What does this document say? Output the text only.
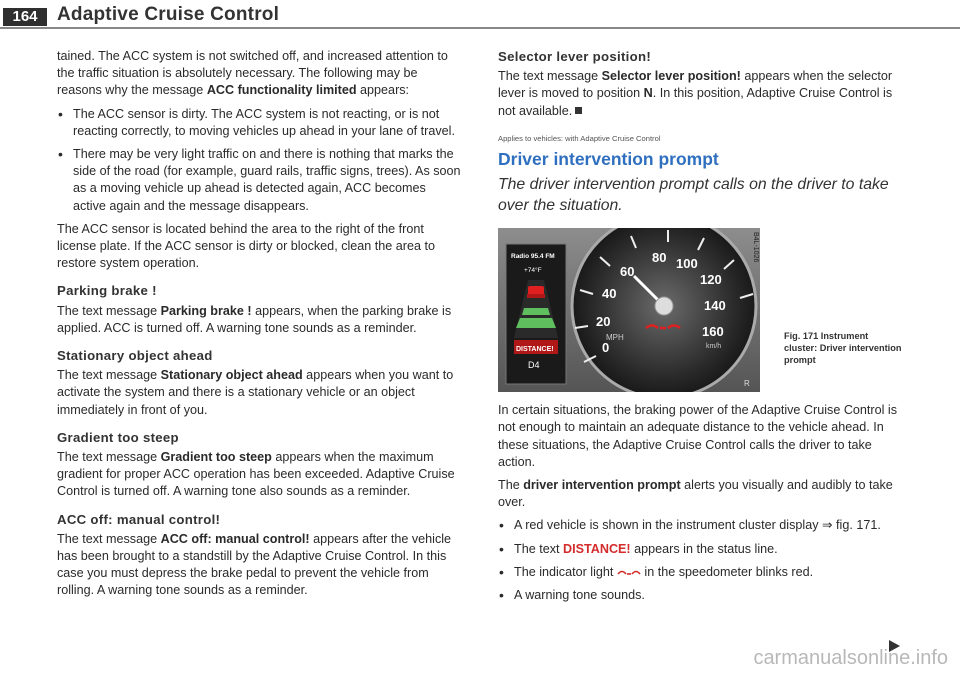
164	Adaptive Cruise Control

tained. The ACC system is not switched off, and increased attention to the traffic situation is absolutely necessary. The following may be reasons why the message ACC functionality limited appears:

• The ACC sensor is dirty. The ACC system is not reacting, or is not reacting correctly, to moving vehicles up ahead in your lane of travel.
• There may be very light traffic on and there is nothing that marks the side of the road (for example, guard rails, traffic signs, trees). As soon as a moving vehicle up ahead is detected again, ACC becomes active again and the message disappears.

The ACC sensor is located behind the area to the right of the front license plate. If the ACC sensor is dirty or blocked, clean the area to restore system operation.

Parking brake !

The text message Parking brake ! appears, when the parking brake is applied. ACC is turned off. A warning tone sounds as a reminder.

Stationary object ahead

The text message Stationary object ahead appears when you want to activate the system and there is a stationary vehicle or an object immediately in front of you.

Gradient too steep

The text message Gradient too steep appears when the maximum gradient for proper ACC operation has been exceeded. Adaptive Cruise Control is turned off. A warning tone also sounds as a reminder.

ACC off: manual control!

The text message ACC off: manual control! appears after the vehicle has been brought to a standstill by the Adaptive Cruise Control. In this case you must depress the brake pedal to prevent the vehicle from rolling. A warning tone sounds as a reminder.

Selector lever position!

The text message Selector lever position! appears when the selector lever is moved to position N. In this position, Adaptive Cruise Control is not available.

Applies to vehicles: with Adaptive Cruise Control
Driver intervention prompt
The driver intervention prompt calls on the driver to take over the situation.
0
20
40
60
80 100
120
140
160
MPH
km/h
Radio 95.4 FM
+74°F
DISTANCE!
D4
R
B4L-1026
Fig. 171 Instrument cluster: Driver intervention prompt

In certain situations, the braking power of the Adaptive Cruise Control is not enough to maintain an adequate distance to the vehicle ahead. In these situations, the Adaptive Cruise Control calls the driver to take action.

The driver intervention prompt alerts you visually and audibly to take over.

• A red vehicle is shown in the instrument cluster display ⇒ fig. 171.
• The text DISTANCE! appears in the status line.
• The indicator light  in the speedometer blinks red.
• A warning tone sounds.
carmanualsonline.info
